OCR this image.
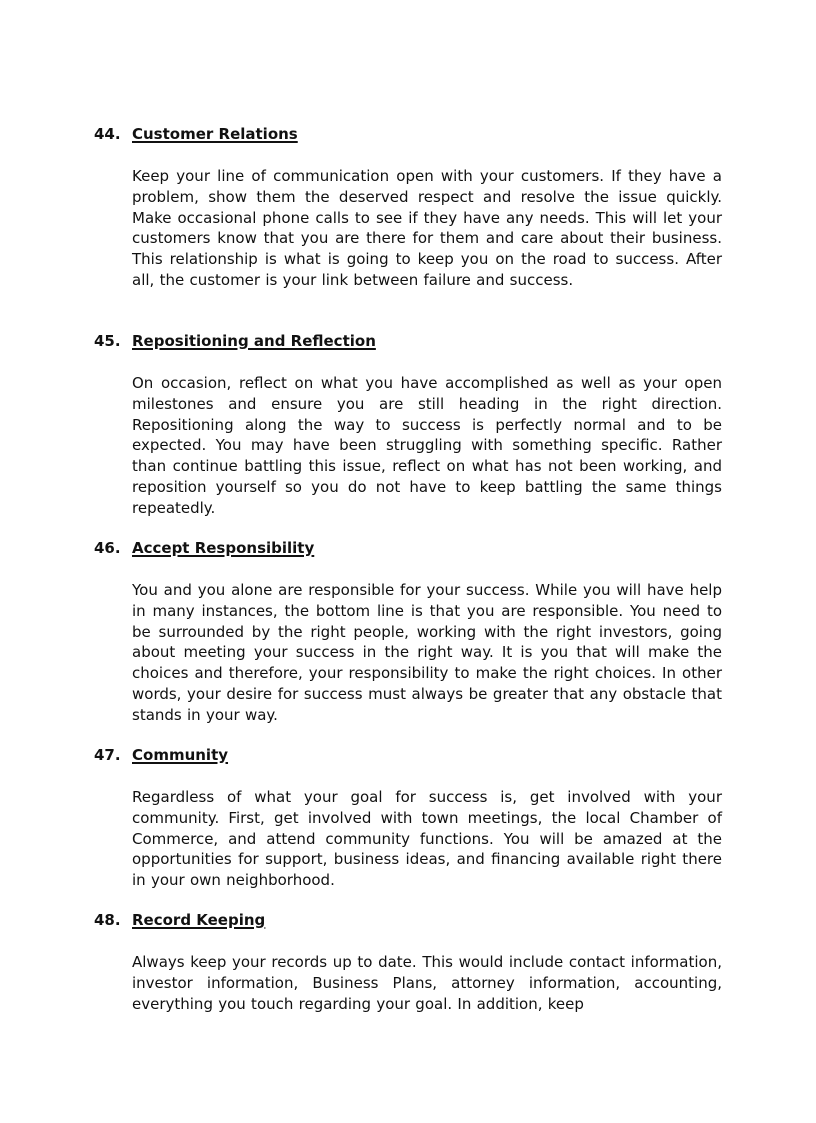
44. Customer Relations

Keep your line of communication open with your customers. If they have a problem, show them the deserved respect and resolve the issue quickly. Make occasional phone calls to see if they have any needs. This will let your customers know that you are there for them and care about their business. This relationship is what is going to keep you on the road to success. After all, the customer is your link between failure and success.

45. Repositioning and Reflection

On occasion, reflect on what you have accomplished as well as your open milestones and ensure you are still heading in the right direction. Repositioning along the way to success is perfectly normal and to be expected. You may have been struggling with something specific. Rather than continue battling this issue, reflect on what has not been working, and reposition yourself so you do not have to keep battling the same things repeatedly.

46. Accept Responsibility

You and you alone are responsible for your success. While you will have help in many instances, the bottom line is that you are responsible. You need to be surrounded by the right people, working with the right investors, going about meeting your success in the right way. It is you that will make the choices and therefore, your responsibility to make the right choices. In other words, your desire for success must always be greater that any obstacle that stands in your way.

47. Community

Regardless of what your goal for success is, get involved with your community. First, get involved with town meetings, the local Chamber of Commerce, and attend community functions. You will be amazed at the opportunities for support, business ideas, and financing available right there in your own neighborhood.

48. Record Keeping

Always keep your records up to date. This would include contact information, investor information, Business Plans, attorney information, accounting, everything you touch regarding your goal. In addition, keep
